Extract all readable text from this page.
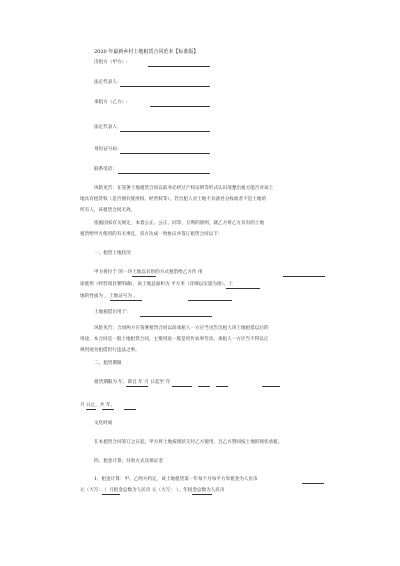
2020 年最新乡村土地租赁合同范本【标准版】
出租方（甲方）:
法定代表人：
承租方（乙方）:
法定代表人：
身份证号码：
联系电话：
风险见告：在签署土地租赁合同以前务必经过产权证明等形式认识清楚出租方能否对该土
地具有租赁权（是否拥有使用权、经营权等）。若出租人对土地不具备处分权或者不是土地的
所有人，该租赁合同无效。
依据国家有关规定，本着公正、公正、同等、互利的原则，就乙方将乙方具有的土地
租赁给甲方使用的有关事宜，双方达成一致协议并签订租赁合同以下：
一、租赁土地状况
甲方将位于 的一块土地以有偿的方式租借给乙方作 用
途使用（经营项目要明确），该土地总面积为 平方米（详细以实量为准），土
地的性质为 ，土地证号为 。
土地租借后用于：
风险见告：合同两方在签署租赁合同以前承租人一方应当见告出租人该土地租借以后的
用途，本合同是一般土地租赁合同，主要用途一般是用作农事劳动。承租人一方应当不得以正
规用途为租借但行违法之事。
二、租赁期限
租赁期限为 年，即自 年 月 日起至 年
月 日止，共 年。
文化时间
在本租赁合同签订之日起，甲方将土地按现状交付乙方使用，且乙方赞同按土地的现状承租。
四、租金计算、付款方式及保证金
1、租金计算：甲、乙两方约定，该土地租赁第一年每个月每平方米租金为人民币
元（大写： ）月租金总数为人民币 元（大写： ），年租金总数为人民币
